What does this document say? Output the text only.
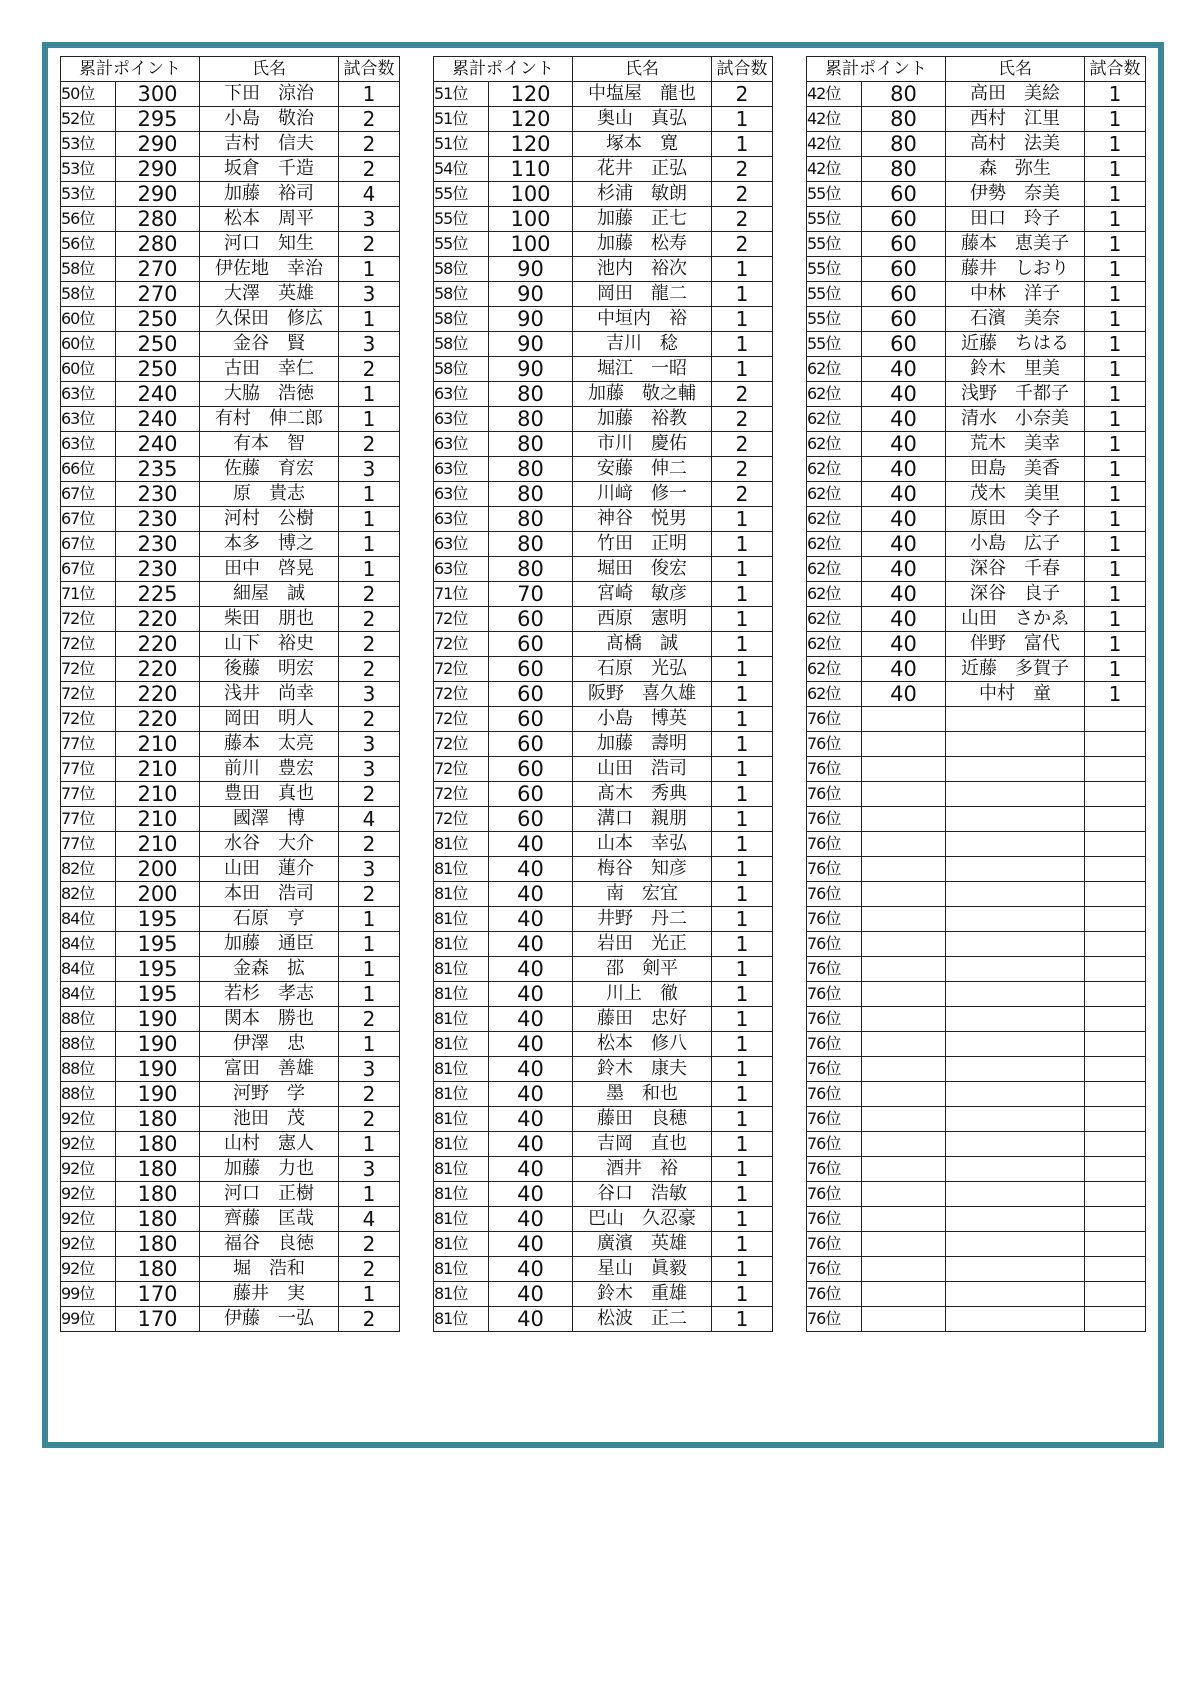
累計ポイント		氏名	試合数
50位	300	下田　涼治	1
52位	295	小島　敬治	2
53位	290	吉村　信夫	2
53位	290	坂倉　千造	2
53位	290	加藤　裕司	4
56位	280	松本　周平	3
56位	280	河口　知生	2
58位	270	伊佐地　幸治	1
58位	270	大澤　英雄	3
60位	250	久保田　修広	1
60位	250	金谷　賢	3
60位	250	古田　幸仁	2
63位	240	大脇　浩徳	1
63位	240	有村　伸二郎	1
63位	240	有本　智	2
66位	235	佐藤　育宏	3
67位	230	原　貴志	1
67位	230	河村　公樹	1
67位	230	本多　博之	1
67位	230	田中　啓晃	1
71位	225	細屋　誠	2
72位	220	柴田　朋也	2
72位	220	山下　裕史	2
72位	220	後藤　明宏	2
72位	220	浅井　尚幸	3
72位	220	岡田　明人	2
77位	210	藤本　太亮	3
77位	210	前川　豊宏	3
77位	210	豊田　真也	2
77位	210	國澤　博	4
77位	210	水谷　大介	2
82位	200	山田　蓮介	3
82位	200	本田　浩司	2
84位	195	石原　亨	1
84位	195	加藤　通臣	1
84位	195	金森　拡	1
84位	195	若杉　孝志	1
88位	190	関本　勝也	2
88位	190	伊澤　忠	1
88位	190	富田　善雄	3
88位	190	河野　学	2
92位	180	池田　茂	2
92位	180	山村　憲人	1
92位	180	加藤　力也	3
92位	180	河口　正樹	1
92位	180	齊藤　匡哉	4
92位	180	福谷　良徳	2
92位	180	堀　浩和	2
99位	170	藤井　実	1
99位	170	伊藤　一弘	2
累計ポイント		氏名	試合数
51位	120	中塩屋　龍也	2
51位	120	奥山　真弘	1
51位	120	塚本　寛	1
54位	110	花井　正弘	2
55位	100	杉浦　敏朗	2
55位	100	加藤　正七	2
55位	100	加藤　松寿	2
58位	90	池内　裕次	1
58位	90	岡田　龍二	1
58位	90	中垣内　裕	1
58位	90	吉川　稔	1
58位	90	堀江　一昭	1
63位	80	加藤　敬之輔	2
63位	80	加藤　裕教	2
63位	80	市川　慶佑	2
63位	80	安藤　伸二	2
63位	80	川﨑　修一	2
63位	80	神谷　悦男	1
63位	80	竹田　正明	1
63位	80	堀田　俊宏	1
71位	70	宮崎　敏彦	1
72位	60	西原　憲明	1
72位	60	髙橋　誠	1
72位	60	石原　光弘	1
72位	60	阪野　喜久雄	1
72位	60	小島　博英	1
72位	60	加藤　壽明	1
72位	60	山田　浩司	1
72位	60	髙木　秀典	1
72位	60	溝口　親朋	1
81位	40	山本　幸弘	1
81位	40	梅谷　知彦	1
81位	40	南　宏宜	1
81位	40	井野　丹二	1
81位	40	岩田　光正	1
81位	40	邵　剣平	1
81位	40	川上　徹	1
81位	40	藤田　忠好	1
81位	40	松本　修八	1
81位	40	鈴木　康夫	1
81位	40	墨　和也	1
81位	40	藤田　良穂	1
81位	40	吉岡　直也	1
81位	40	酒井　裕	1
81位	40	谷口　浩敏	1
81位	40	巴山　久忍豪	1
81位	40	廣濱　英雄	1
81位	40	星山　眞毅	1
81位	40	鈴木　重雄	1
81位	40	松波　正二	1
累計ポイント		氏名	試合数
42位	80	高田　美絵	1
42位	80	西村　江里	1
42位	80	高村　法美	1
42位	80	森　弥生	1
55位	60	伊勢　奈美	1
55位	60	田口　玲子	1
55位	60	藤本　恵美子	1
55位	60	藤井　しおり	1
55位	60	中林　洋子	1
55位	60	石濱　美奈	1
55位	60	近藤　ちはる	1
62位	40	鈴木　里美	1
62位	40	浅野　千都子	1
62位	40	清水　小奈美	1
62位	40	荒木　美幸	1
62位	40	田島　美香	1
62位	40	茂木　美里	1
62位	40	原田　令子	1
62位	40	小島　広子	1
62位	40	深谷　千春	1
62位	40	深谷　良子	1
62位	40	山田　さかゑ	1
62位	40	伴野　富代	1
62位	40	近藤　多賀子	1
62位	40	中村　童	1
76位			
76位			
76位			
76位			
76位			
76位			
76位			
76位			
76位			
76位			
76位			
76位			
76位			
76位			
76位			
76位			
76位			
76位			
76位			
76位			
76位			
76位			
76位			
76位			
76位			
